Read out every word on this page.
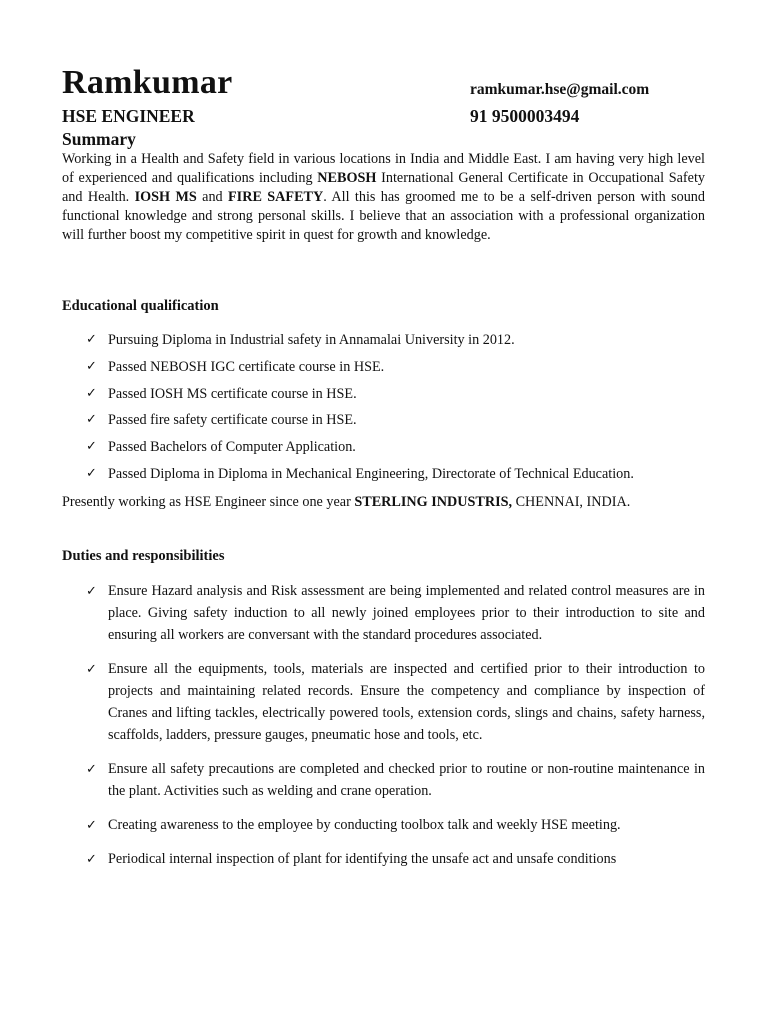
Ramkumar	ramkumar.hse@gmail.com
HSE ENGINEER	91 9500003494
Summary

Working in a Health and Safety field in various locations in India and Middle East. I am having very high level of experienced and qualifications including NEBOSH International General Certificate in Occupational Safety and Health. IOSH MS and FIRE SAFETY. All this has groomed me to be a self-driven person with sound functional knowledge and strong personal skills. I believe that an association with a professional organization will further boost my competitive spirit in quest for growth and knowledge.

Educational qualification
✓ Pursuing Diploma in Industrial safety in Annamalai University in 2012.
✓ Passed NEBOSH IGC certificate course in HSE.
✓ Passed IOSH MS certificate course in HSE.
✓ Passed fire safety certificate course in HSE.
✓ Passed Bachelors of Computer Application.
✓ Passed Diploma in Diploma in Mechanical Engineering, Directorate of Technical Education.

Presently working as HSE Engineer since one year STERLING INDUSTRIS, CHENNAI, INDIA.

Duties and responsibilities
✓ Ensure Hazard analysis and Risk assessment are being implemented and related control measures are in place. Giving safety induction to all newly joined employees prior to their introduction to site and ensuring all workers are conversant with the standard procedures associated.
✓ Ensure all the equipments, tools, materials are inspected and certified prior to their introduction to projects and maintaining related records. Ensure the competency and compliance by inspection of Cranes and lifting tackles, electrically powered tools, extension cords, slings and chains, safety harness, scaffolds, ladders, pressure gauges, pneumatic hose and tools, etc.
✓ Ensure all safety precautions are completed and checked prior to routine or non-routine maintenance in the plant. Activities such as welding and crane operation.
✓ Creating awareness to the employee by conducting toolbox talk and weekly HSE meeting.
✓ Periodical internal inspection of plant for identifying the unsafe act and unsafe conditions
